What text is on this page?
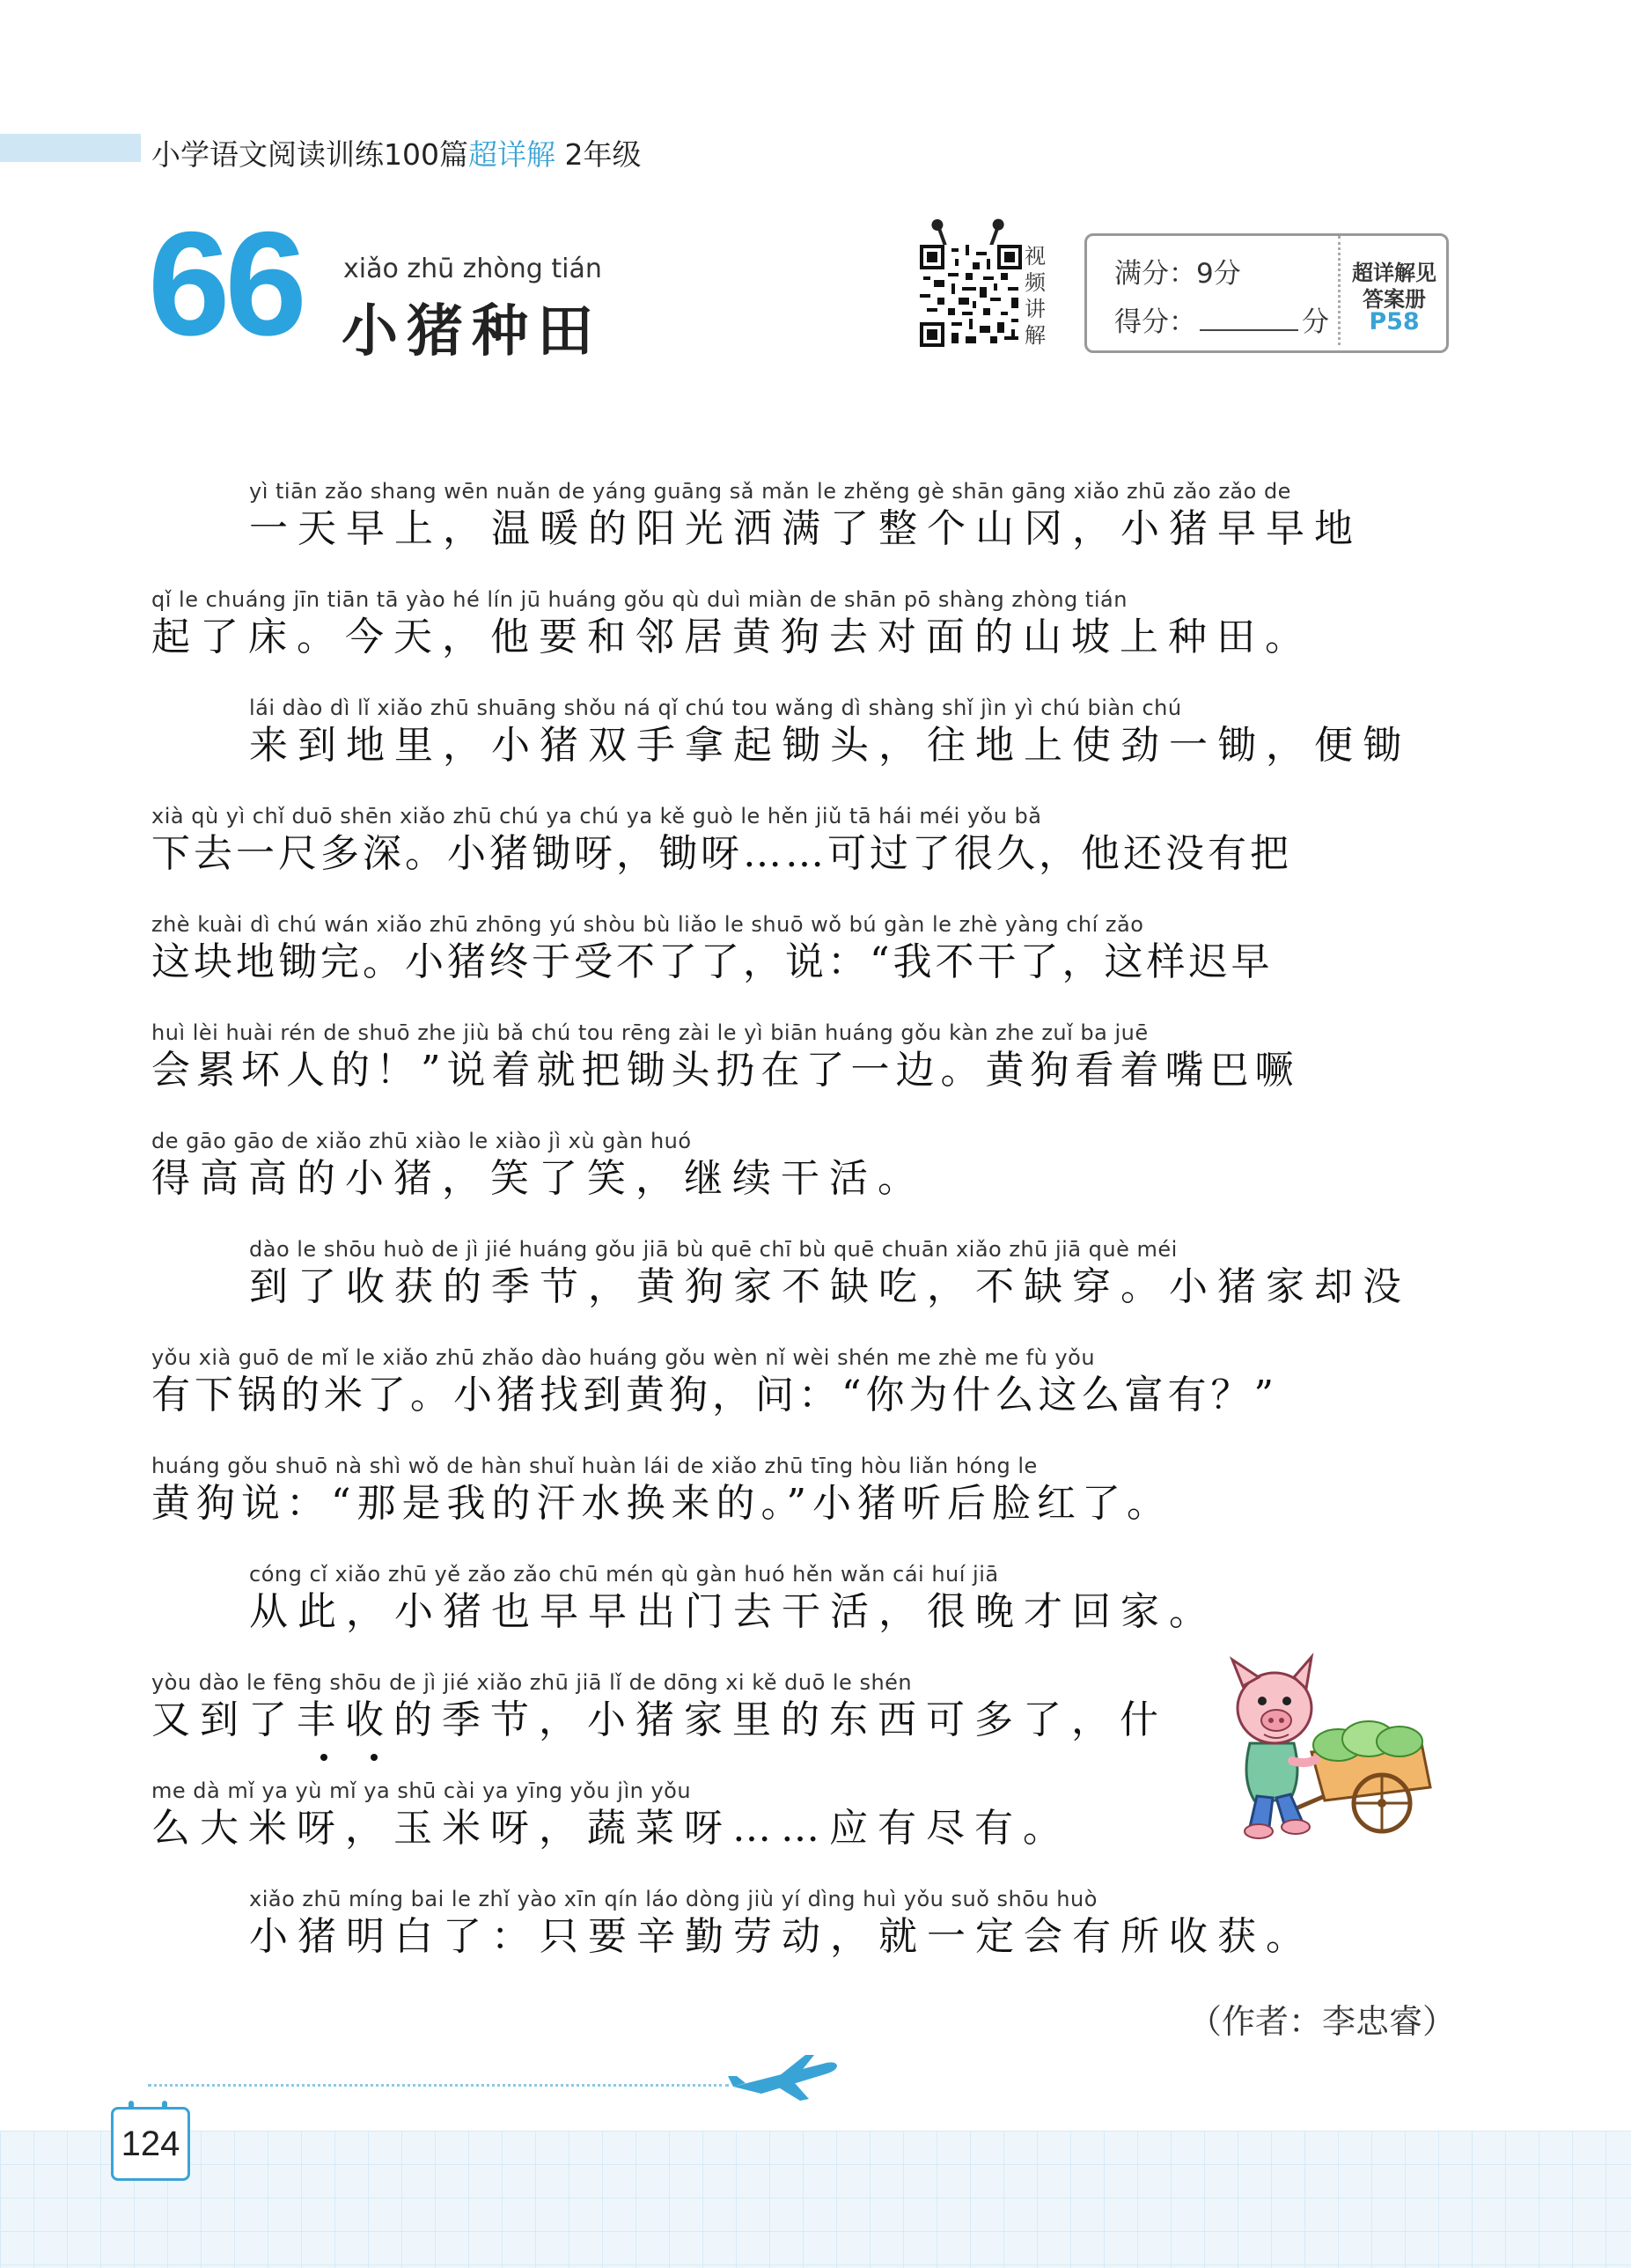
小学语文阅读训练100篇超详解 2年级
66 xiǎo zhū zhòng tián
小猪种田
视
频
讲
解
满分：9分
得分：	分
超详解见
答案册
P58
yì tiān zǎo shang wēn nuǎn de yáng guāng sǎ mǎn le zhěng gè shān gāng xiǎo zhū zǎo zǎo de
一天早上，温暖的阳光洒满了整个山冈，小猪早早地
qǐ le chuáng jīn tiān tā yào hé lín jū huáng gǒu qù duì miàn de shān pō shàng zhòng tián
起了床。今天，他要和邻居黄狗去对面的山坡上种田。
lái dào dì lǐ xiǎo zhū shuāng shǒu ná qǐ chú tou wǎng dì shàng shǐ jìn yì chú biàn chú
来到地里，小猪双手拿起锄头，往地上使劲一锄，便锄
xià qù yì chǐ duō shēn xiǎo zhū chú ya chú ya kě guò le hěn jiǔ tā hái méi yǒu bǎ
下去一尺多深。小猪锄呀，锄呀……可过了很久，他还没有把
zhè kuài dì chú wán xiǎo zhū zhōng yú shòu bù liǎo le shuō wǒ bú gàn le zhè yàng chí zǎo
这块地锄完。小猪终于受不了了，说：“我不干了，这样迟早
huì lèi huài rén de shuō zhe jiù bǎ chú tou rēng zài le yì biān huáng gǒu kàn zhe zuǐ ba juē
会累坏人的！”说着就把锄头扔在了一边。黄狗看着嘴巴噘
de gāo gāo de xiǎo zhū xiào le xiào jì xù gàn huó
得高高的小猪，笑了笑，继续干活。
dào le shōu huò de jì jié huáng gǒu jiā bù quē chī bù quē chuān xiǎo zhū jiā què méi
到了收获的季节，黄狗家不缺吃，不缺穿。小猪家却没
yǒu xià guō de mǐ le xiǎo zhū zhǎo dào huáng gǒu wèn nǐ wèi shén me zhè me fù yǒu
有下锅的米了。小猪找到黄狗，问：“你为什么这么富有？”
huáng gǒu shuō nà shì wǒ de hàn shuǐ huàn lái de xiǎo zhū tīng hòu liǎn hóng le
黄狗说：“那是我的汗水换来的。”小猪听后脸红了。
cóng cǐ xiǎo zhū yě zǎo zǎo chū mén qù gàn huó hěn wǎn cái huí jiā
从此，小猪也早早出门去干活，很晚才回家。
yòu dào le fēng shōu de jì jié xiǎo zhū jiā lǐ de dōng xi kě duō le shén
又到了丰收的季节，小猪家里的东西可多了，什
me dà mǐ ya yù mǐ ya shū cài ya yīng yǒu jìn yǒu
么大米呀，玉米呀，蔬菜呀……应有尽有。
xiǎo zhū míng bai le zhǐ yào xīn qín láo dòng jiù yí dìng huì yǒu suǒ shōu huò
小猪明白了：只要辛勤劳动，就一定会有所收获。
（作者：李忠睿）
124
